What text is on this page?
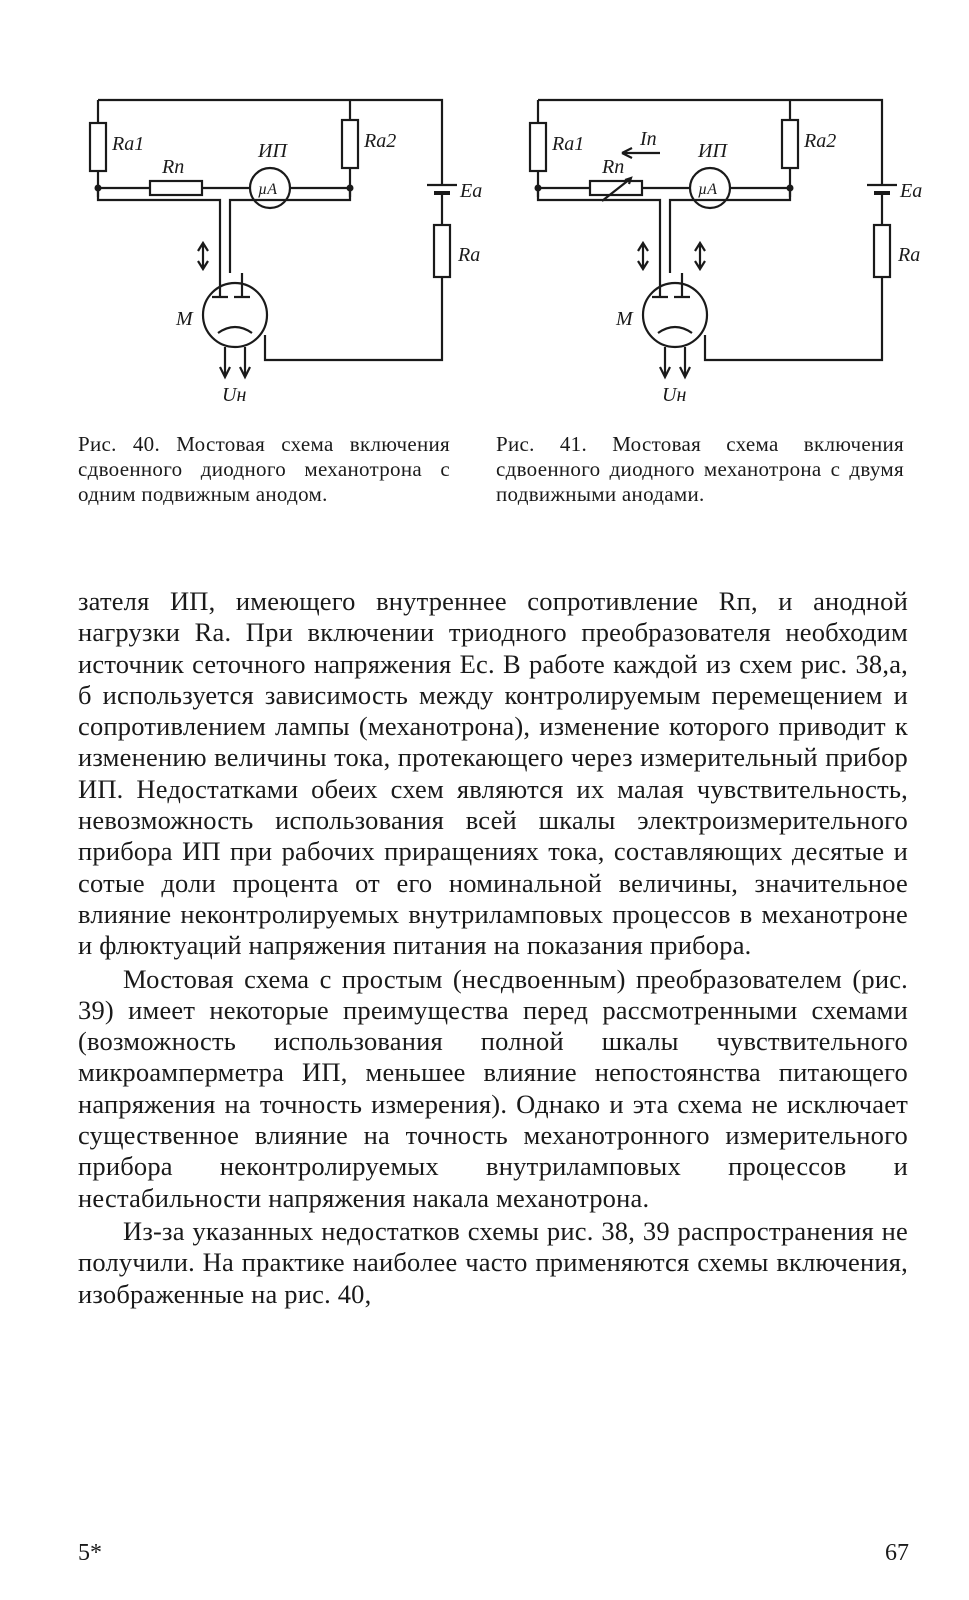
Ra1	Ra2
Rп
ИП
µA	Ea
Ra
M
Uн
Ra1	Ra2
Iп
Rп
ИП
µA	Ea
Ra
M
Uн
Рис. 40. Мостовая схема включения сдвоенного диодного механотрона с одним подвижным анодом.
Рис. 41. Мостовая схема включения сдвоенного диодного механотрона с двумя подвижными анодами.

зателя ИП, имеющего внутреннее сопротивление Rп, и анодной нагрузки Ra. При включении триодного преобразователя необходим источник сеточного напряжения Ec. В работе каждой из схем рис. 38,а, б используется зависимость между контролируемым перемещением и сопротивлением лампы (механотрона), изменение которого приводит к изменению величины тока, протекающего через измерительный прибор ИП. Недостатками обеих схем являются их малая чувствительность, невозможность использования всей шкалы электроизмерительного прибора ИП при рабочих приращениях тока, составляющих десятые и сотые доли процента от его номинальной величины, значительное влияние неконтролируемых внутриламповых процессов в механотроне и флюктуаций напряжения питания на показания прибора.

Мостовая схема с простым (несдвоенным) преобразователем (рис. 39) имеет некоторые преимущества перед рассмотренными схемами (возможность использования полной шкалы чувствительного микроамперметра ИП, меньшее влияние непостоянства питающего напряжения на точность измерения). Однако и эта схема не исключает существенное влияние на точность механотронного измерительного прибора неконтролируемых внутриламповых процессов и нестабильности напряжения накала механотрона.

Из-за указанных недостатков схемы рис. 38, 39 распространения не получили. На практике наиболее часто применяются схемы включения, изображенные на рис. 40,

5*	67
